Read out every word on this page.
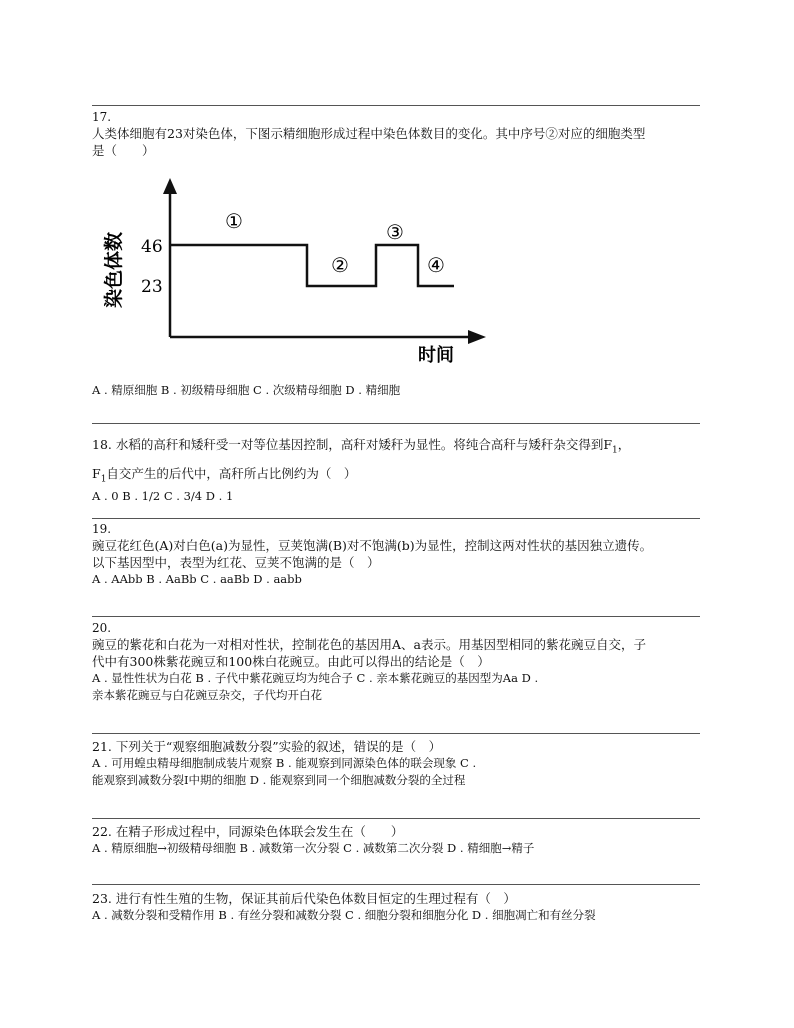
17.
人类体细胞有23对染色体，下图示精细胞形成过程中染色体数目的变化。其中序号②对应的细胞类型
是（　　）
46
23
染色体数
时间
①
②
③
④
A . 精原细胞 B . 初级精母细胞 C . 次级精母细胞 D . 精细胞
18. 水稻的高秆和矮秆受一对等位基因控制，高秆对矮秆为显性。将纯合高秆与矮秆杂交得到$F_1$，
$F_1$自交产生的后代中，高秆所占比例约为（　）
A . 0 B . 1/2 C . 3/4 D . 1
19.
豌豆花红色(A)对白色(a)为显性，豆荚饱满(B)对不饱满(b)为显性，控制这两对性状的基因独立遗传。
以下基因型中，表型为红花、豆荚不饱满的是（　）
A . AAbb B . AaBb C . aaBb D . aabb
20.
豌豆的紫花和白花为一对相对性状，控制花色的基因用A、a表示。用基因型相同的紫花豌豆自交，子
代中有300株紫花豌豆和100株白花豌豆。由此可以得出的结论是（　）
A . 显性性状为白花 B . 子代中紫花豌豆均为纯合子 C . 亲本紫花豌豆的基因型为Aa D .
亲本紫花豌豆与白花豌豆杂交，子代均开白花
21. 下列关于“观察细胞减数分裂”实验的叙述，错误的是（　）
A . 可用蝗虫精母细胞制成装片观察 B . 能观察到同源染色体的联会现象 C .
能观察到减数分裂Ⅰ中期的细胞 D . 能观察到同一个细胞减数分裂的全过程
22. 在精子形成过程中，同源染色体联会发生在（　　）
A . 精原细胞→初级精母细胞 B . 减数第一次分裂 C . 减数第二次分裂 D . 精细胞→精子
23. 进行有性生殖的生物，保证其前后代染色体数目恒定的生理过程有（　）
A . 减数分裂和受精作用 B . 有丝分裂和减数分裂 C . 细胞分裂和细胞分化 D . 细胞凋亡和有丝分裂
